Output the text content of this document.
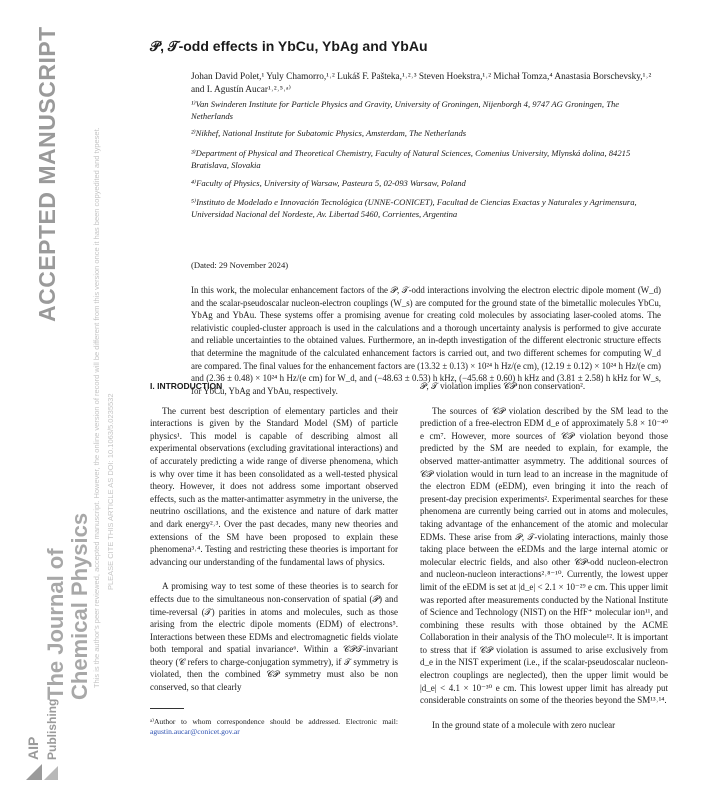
ACCEPTED MANUSCRIPT	This is the author's peer reviewed, accepted manuscript. However, the online version of record will be different from this version once it has been copyedited and typeset. PLEASE CITE THIS ARTICLE AS DOI: 10.1063/5.0235532
The Journal of Chemical Physics
AIP Publishing
𝒫, 𝒯-odd effects in YbCu, YbAg and YbAu
Johan David Polet,¹ Yuly Chamorro,¹˒² Lukáš F. Pašteka,¹˒²˒³ Steven Hoekstra,¹˒² Michał Tomza,⁴ Anastasia Borschevsky,¹˒² and I. Agustín Aucar¹˒²˒⁵˒ᵃ⁾
¹⁾Van Swinderen Institute for Particle Physics and Gravity, University of Groningen, Nijenborgh 4, 9747 AG Groningen, The Netherlands
²⁾Nikhef, National Institute for Subatomic Physics, Amsterdam, The Netherlands
³⁾Department of Physical and Theoretical Chemistry, Faculty of Natural Sciences, Comenius University, Mlynská dolina, 84215 Bratislava, Slovakia
⁴⁾Faculty of Physics, University of Warsaw, Pasteura 5, 02-093 Warsaw, Poland
⁵⁾Instituto de Modelado e Innovación Tecnológica (UNNE-CONICET), Facultad de Ciencias Exactas y Naturales y Agrimensura, Universidad Nacional del Nordeste, Av. Libertad 5460, Corrientes, Argentina
(Dated: 29 November 2024)
In this work, the molecular enhancement factors of the 𝒫, 𝒯-odd interactions involving the electron electric dipole moment (W_d) and the scalar-pseudoscalar nucleon-electron couplings (W_s) are computed for the ground state of the bimetallic molecules YbCu, YbAg and YbAu. These systems offer a promising avenue for creating cold molecules by associating laser-cooled atoms. The relativistic coupled-cluster approach is used in the calculations and a thorough uncertainty analysis is performed to give accurate and reliable uncertainties to the obtained values. Furthermore, an in-depth investigation of the different electronic structure effects that determine the magnitude of the calculated enhancement factors is carried out, and two different schemes for computing W_d are compared. The final values for the enhancement factors are (13.32 ± 0.13) × 10²⁴ h Hz/(e cm), (12.19 ± 0.12) × 10²⁴ h Hz/(e cm) and (2.36 ± 0.48) × 10²⁴ h Hz/(e cm) for W_d, and (−48.63 ± 0.53) h kHz, (−45.68 ± 0.60) h kHz and (3.81 ± 2.58) h kHz for W_s, for YbCu, YbAg and YbAu, respectively.

I. INTRODUCTION

The current best description of elementary particles and their interactions is given by the Standard Model (SM) of particle physics¹. This model is capable of describing almost all experimental observations (excluding gravitational interactions) and of accurately predicting a wide range of diverse phenomena, which is why over time it has been consolidated as a well-tested physical theory. However, it does not address some important observed effects, such as the matter-antimatter asymmetry in the universe, the neutrino oscillations, and the existence and nature of dark matter and dark energy²˒³. Over the past decades, many new theories and extensions of the SM have been proposed to explain these phenomena³˒⁴. Testing and restricting these theories is important for advancing our understanding of the fundamental laws of physics.

A promising way to test some of these theories is to search for effects due to the simultaneous non-conservation of spatial (𝒫) and time-reversal (𝒯) parities in atoms and molecules, such as those arising from the electric dipole moments (EDM) of electrons⁵. Interactions between these EDMs and electromagnetic fields violate both temporal and spatial invariance⁶. Within a 𝒞𝒫𝒯-invariant theory (𝒞 refers to charge-conjugation symmetry), if 𝒯 symmetry is violated, then the combined 𝒞𝒫 symmetry must also be non conserved, so that clearly

ᵃ⁾Author to whom correspondence should be addressed. Electronic mail: agustin.aucar@conicet.gov.ar

𝒫, 𝒯 violation implies 𝒞𝒫 non conservation².

The sources of 𝒞𝒫 violation described by the SM lead to the prediction of a free-electron EDM d_e of approximately 5.8 × 10⁻⁴⁰ e cm⁷. However, more sources of 𝒞𝒫 violation beyond those predicted by the SM are needed to explain, for example, the observed matter-antimatter asymmetry. The additional sources of 𝒞𝒫 violation would in turn lead to an increase in the magnitude of the electron EDM (eEDM), even bringing it into the reach of present-day precision experiments². Experimental searches for these phenomena are currently being carried out in atoms and molecules, taking advantage of the enhancement of the atomic and molecular EDMs. These arise from 𝒫, 𝒯-violating interactions, mainly those taking place between the eEDMs and the large internal atomic or molecular electric fields, and also other 𝒞𝒫-odd nucleon-electron and nucleon-nucleon interactions²˒⁸⁻¹⁰. Currently, the lowest upper limit of the eEDM is set at |d_e| < 2.1 × 10⁻²⁹ e cm. This upper limit was reported after measurements conducted by the National Institute of Science and Technology (NIST) on the HfF⁺ molecular ion¹¹, and combining these results with those obtained by the ACME Collaboration in their analysis of the ThO molecule¹². It is important to stress that if 𝒞𝒫 violation is assumed to arise exclusively from d_e in the NIST experiment (i.e., if the scalar-pseudoscalar nucleon-electron couplings are neglected), then the upper limit would be |d_e| < 4.1 × 10⁻³⁰ e cm. This lowest upper limit has already put considerable constraints on some of the theories beyond the SM¹³˒¹⁴.

In the ground state of a molecule with zero nuclear
